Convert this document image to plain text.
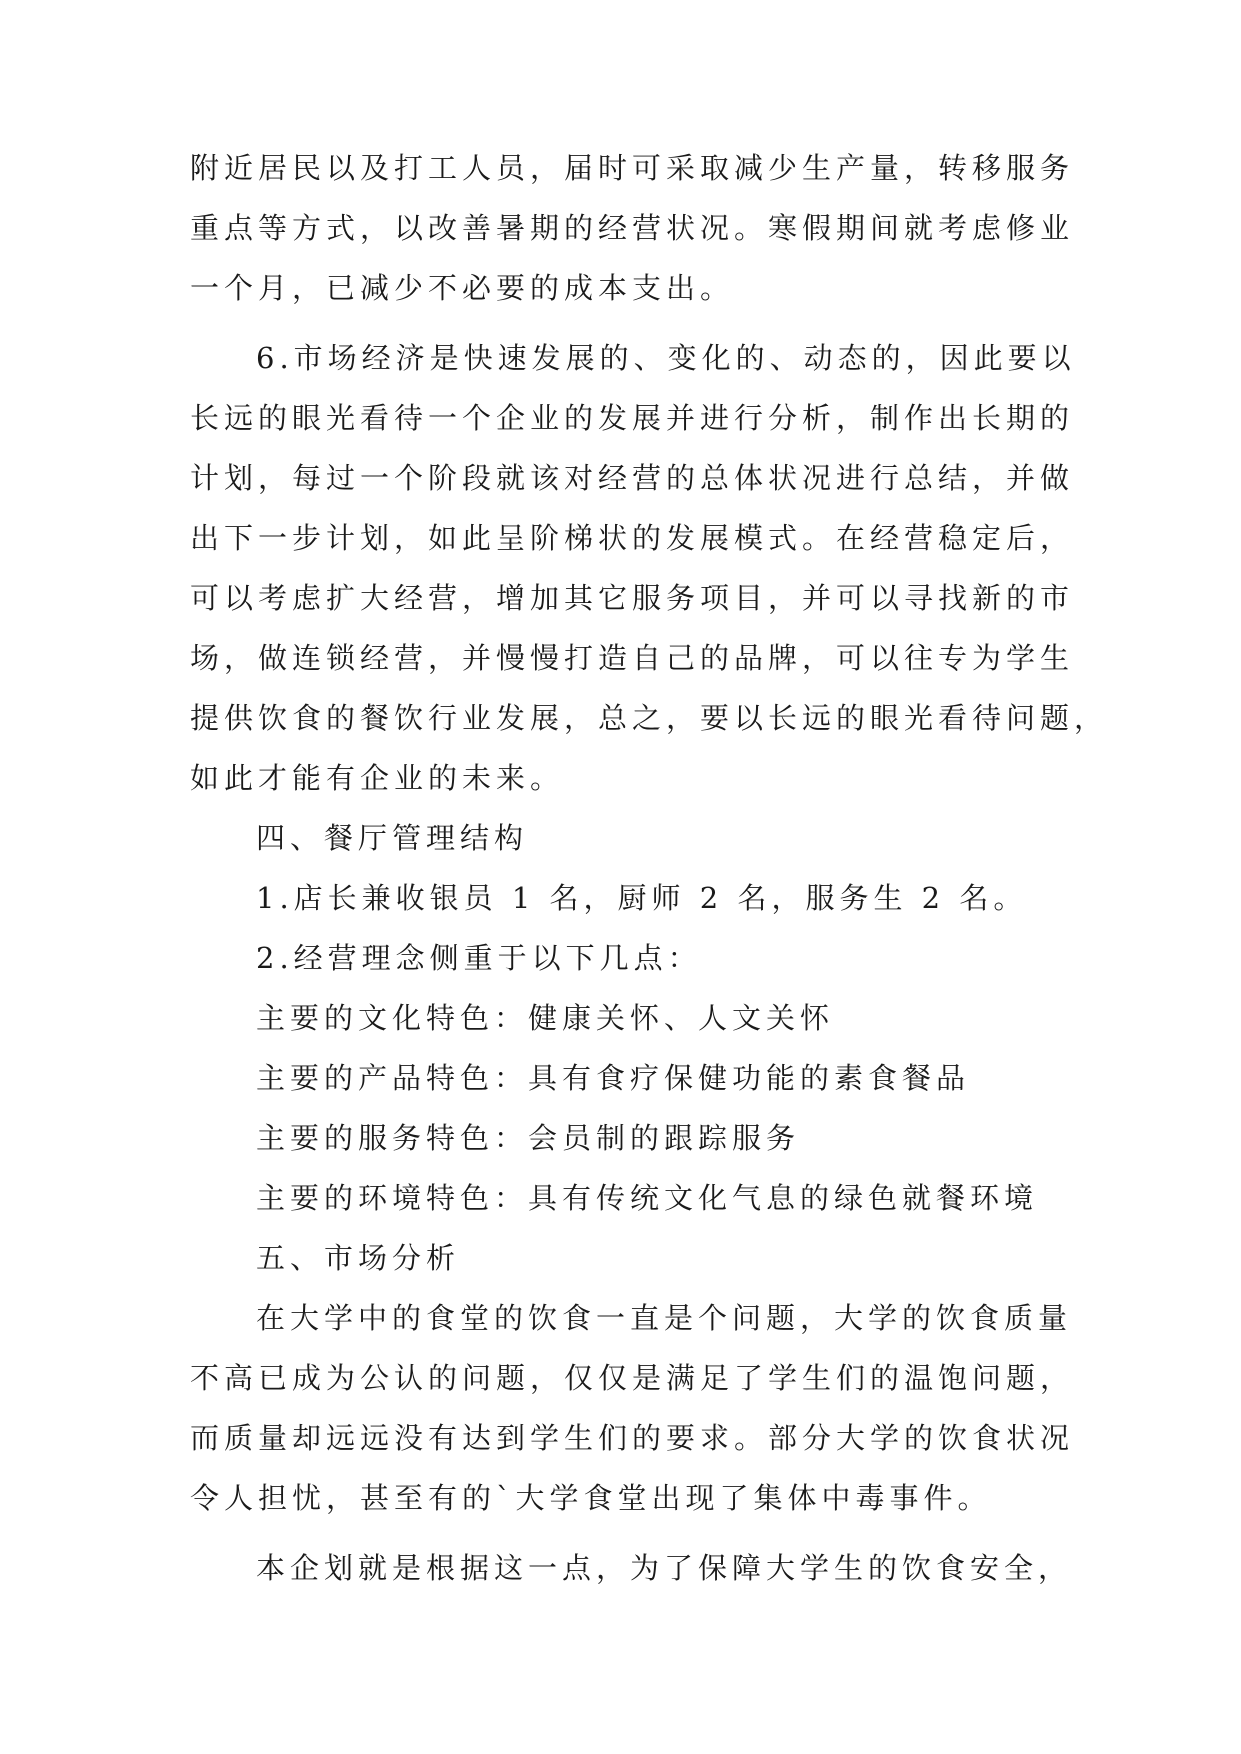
附近居民以及打工人员，届时可采取减少生产量，转移服务
重点等方式，以改善暑期的经营状况。寒假期间就考虑修业
一个月，已减少不必要的成本支出。
6.市场经济是快速发展的、变化的、动态的，因此要以
长远的眼光看待一个企业的发展并进行分析，制作出长期的
计划，每过一个阶段就该对经营的总体状况进行总结，并做
出下一步计划，如此呈阶梯状的发展模式。在经营稳定后，
可以考虑扩大经营，增加其它服务项目，并可以寻找新的市
场，做连锁经营，并慢慢打造自己的品牌，可以往专为学生
提供饮食的餐饮行业发展，总之，要以长远的眼光看待问题，
如此才能有企业的未来。
四、餐厅管理结构
1.店长兼收银员 1 名，厨师 2 名，服务生 2 名。
2.经营理念侧重于以下几点：
主要的文化特色：健康关怀、人文关怀
主要的产品特色：具有食疗保健功能的素食餐品
主要的服务特色：会员制的跟踪服务
主要的环境特色：具有传统文化气息的绿色就餐环境
五、市场分析
在大学中的食堂的饮食一直是个问题，大学的饮食质量
不高已成为公认的问题，仅仅是满足了学生们的温饱问题，
而质量却远远没有达到学生们的要求。部分大学的饮食状况
令人担忧，甚至有的`大学食堂出现了集体中毒事件。
本企划就是根据这一点，为了保障大学生的饮食安全，
